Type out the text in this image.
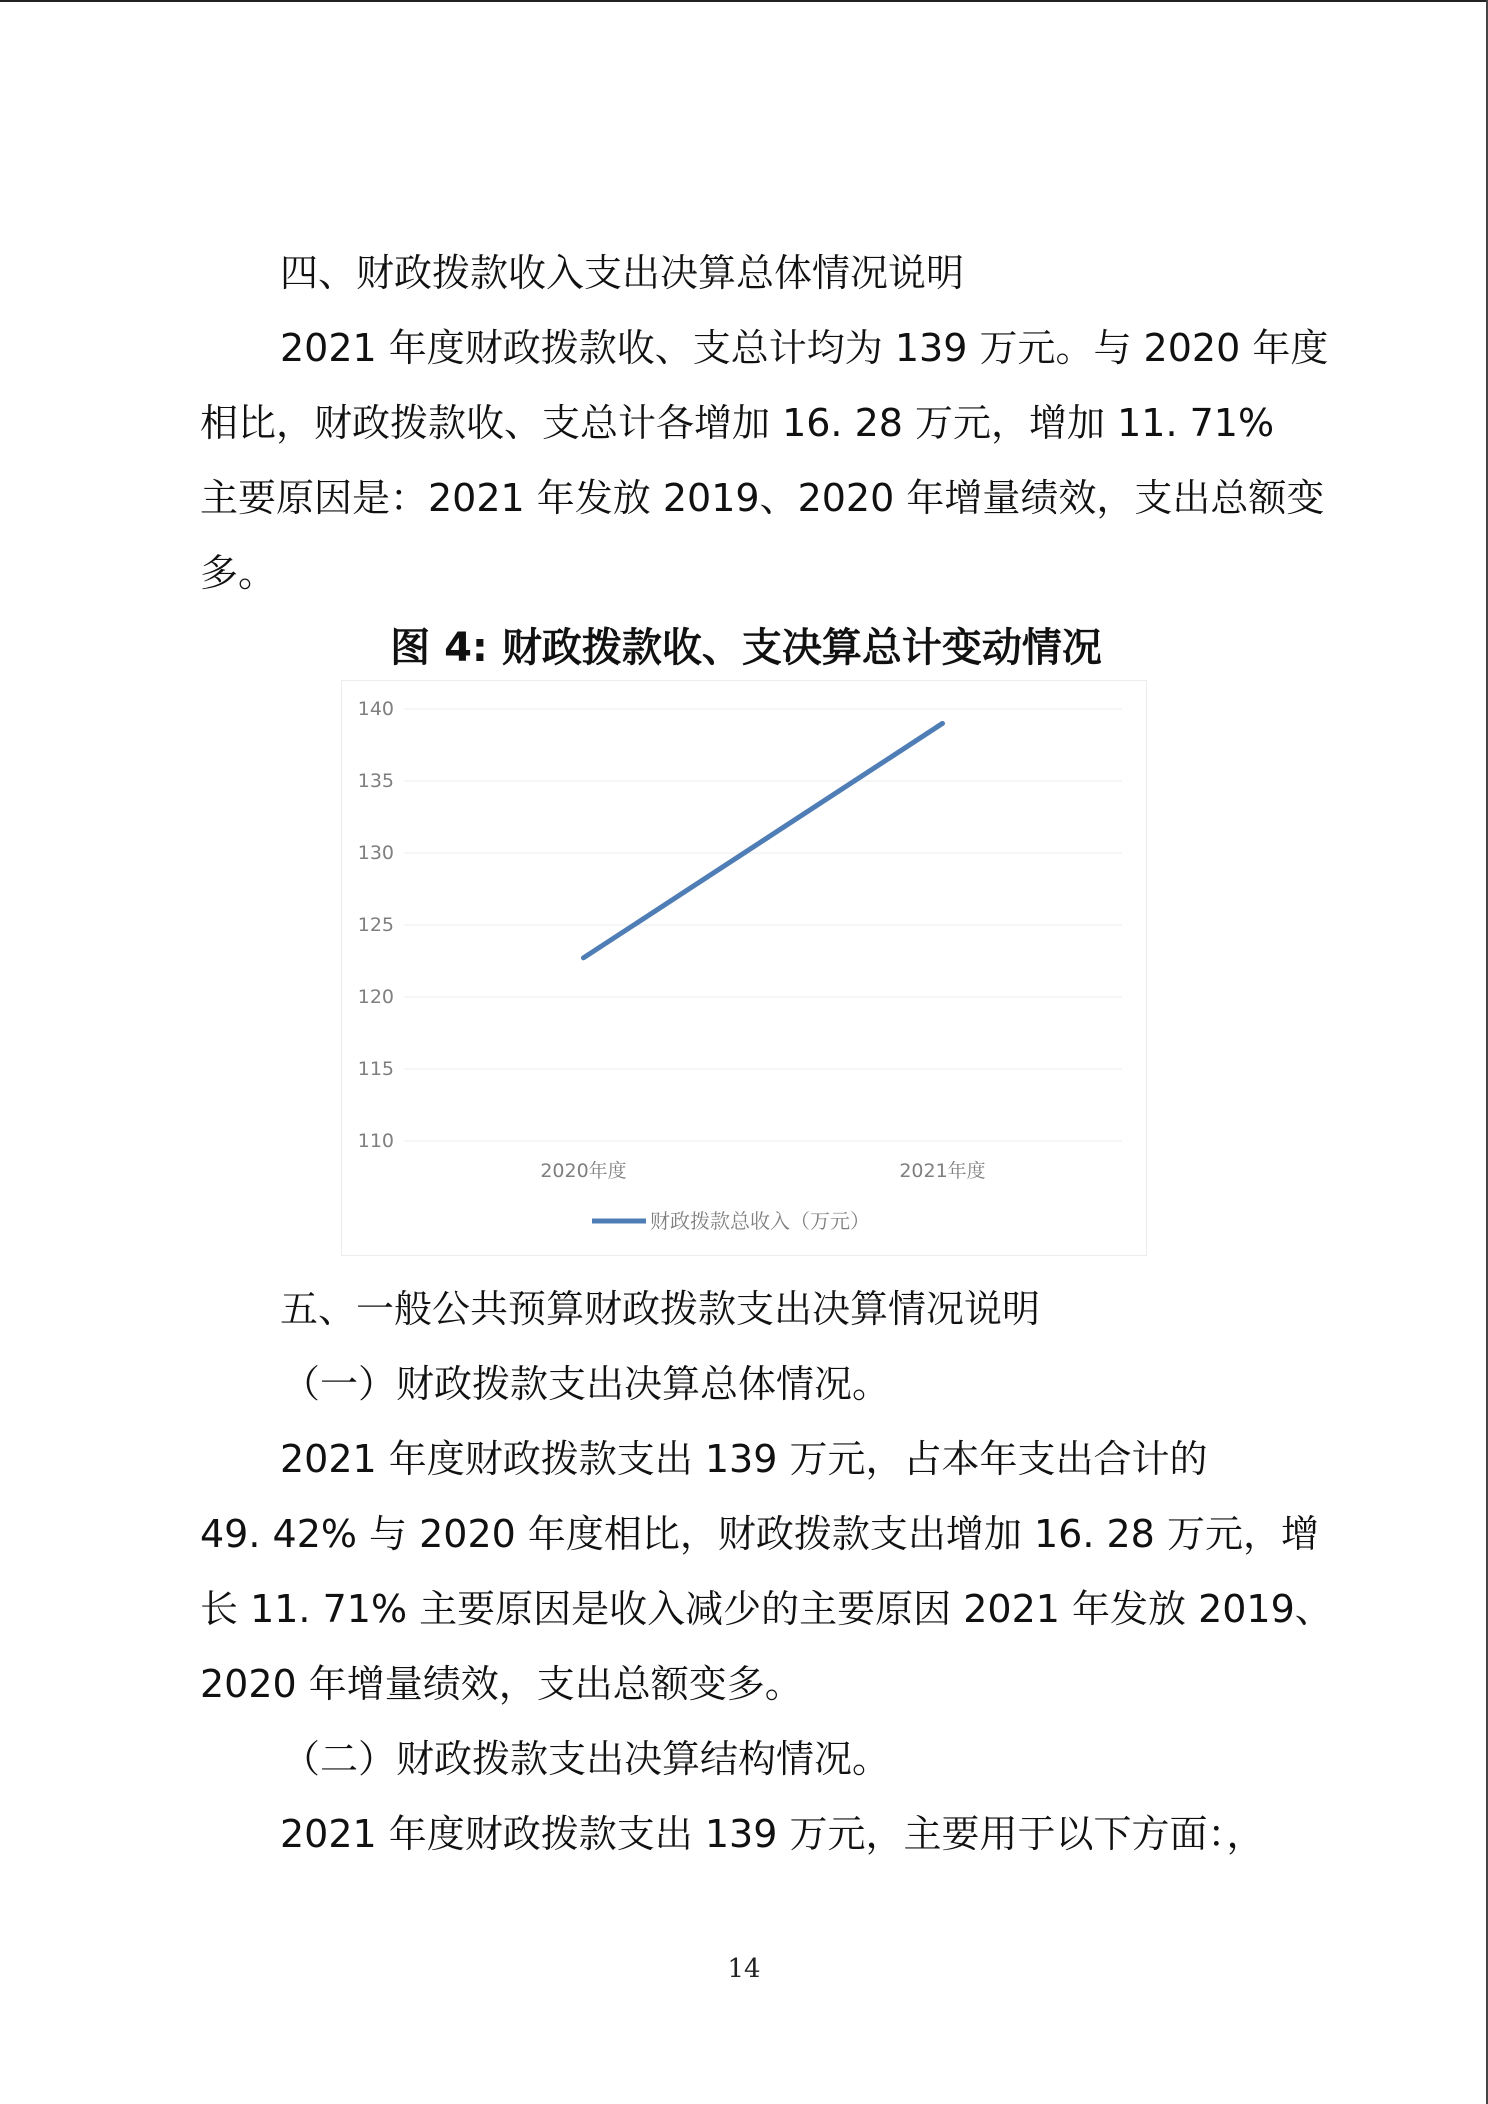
四、财政拨款收入支出决算总体情况说明

2021 年度财政拨款收、支总计均为 139 万元。与 2020 年度
相比，财政拨款收、支总计各增加 16. 28 万元，增加 11. 71%
主要原因是：2021 年发放 2019、2020 年增量绩效，支出总额变
多。
图 4: 财政拨款收、支决算总计变动情况
110
115
120
125
130
135
140
2020年度	2021年度
财政拨款总收入（万元）

五、一般公共预算财政拨款支出决算情况说明

（一）财政拨款支出决算总体情况。

2021 年度财政拨款支出 139 万元，占本年支出合计的
49. 42% 与 2020 年度相比，财政拨款支出增加 16. 28 万元，增
长 11. 71% 主要原因是收入减少的主要原因 2021 年发放 2019、
2020 年增量绩效，支出总额变多。

（二）财政拨款支出决算结构情况。

2021 年度财政拨款支出 139 万元，主要用于以下方面：，
14
